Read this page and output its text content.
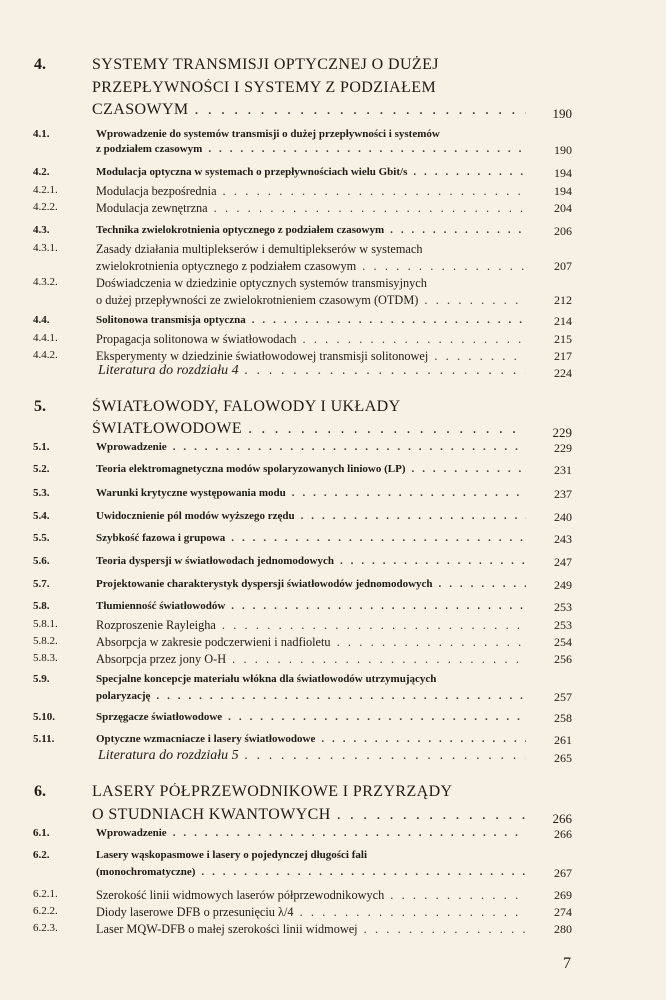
4.	SYSTEMY TRANSMISJI OPTYCZNEJ O DUŻEJ
PRZEPŁYWNOŚCI I SYSTEMY Z PODZIAŁEM
CZASOWYM . . .	190
4.1.	Wprowadzenie do systemów transmisji o dużej przepływności i systemów
z podziałem czasowym . . .	190
4.2.	Modulacja optyczna w systemach o przepływnościach wielu Gbit/s . . .	194
4.2.1.	Modulacja bezpośrednia . . .	194
4.2.2.	Modulacja zewnętrzna . . .	204
4.3.	Technika zwielokrotnienia optycznego z podziałem czasowym . . .	206
4.3.1.	Zasady działania multiplekserów i demultiplekserów w systemach
zwielokrotnienia optycznego z podziałem czasowym . . .	207
4.3.2.	Doświadczenia w dziedzinie optycznych systemów transmisyjnych
o dużej przepływności ze zwielokrotnieniem czasowym (OTDM) . . .	212
4.4.	Solitonowa transmisja optyczna . . .	214
4.4.1.	Propagacja solitonowa w światłowodach . . .	215
4.4.2.	Eksperymenty w dziedzinie światłowodowej transmisji solitonowej . . .	217
Literatura do rozdziału 4 . . .	224
5.	ŚWIATŁOWODY, FALOWODY I UKŁADY
ŚWIATŁOWODOWE . . .	229
5.1.	Wprowadzenie . . .	229
5.2.	Teoria elektromagnetyczna modów spolaryzowanych liniowo (LP) . . .	231
5.3.	Warunki krytyczne występowania modu . . .	237
5.4.	Uwidocznienie pól modów wyższego rzędu . . .	240
5.5.	Szybkość fazowa i grupowa . . .	243
5.6.	Teoria dyspersji w światłowodach jednomodowych . . .	247
5.7.	Projektowanie charakterystyk dyspersji światłowodów jednomodowych . . .	249
5.8.	Tłumienność światłowodów . . .	253
5.8.1.	Rozproszenie Rayleigha . . .	253
5.8.2.	Absorpcja w zakresie podczerwieni i nadfioletu . . .	254
5.8.3.	Absorpcja przez jony O-H . . .	256
5.9.	Specjalne koncepcje materiału włókna dla światłowodów utrzymujących
polaryzację . . .	257
5.10.	Sprzęgacze światłowodowe . . .	258
5.11.	Optyczne wzmacniacze i lasery światłowodowe . . .	261
Literatura do rozdziału 5 . . .	265
6.	LASERY PÓŁPRZEWODNIKOWE I PRZYRZĄDY
O STUDNIACH KWANTOWYCH . . .	266
6.1.	Wprowadzenie . . .	266
6.2.	Lasery wąskopasmowe i lasery o pojedynczej długości fali
(monochromatyczne) . . .	267
6.2.1.	Szerokość linii widmowych laserów półprzewodnikowych . . .	269
6.2.2.	Diody laserowe DFB o przesunięciu λ/4 . . .	274
6.2.3.	Laser MQW-DFB o małej szerokości linii widmowej . . .	280
7
